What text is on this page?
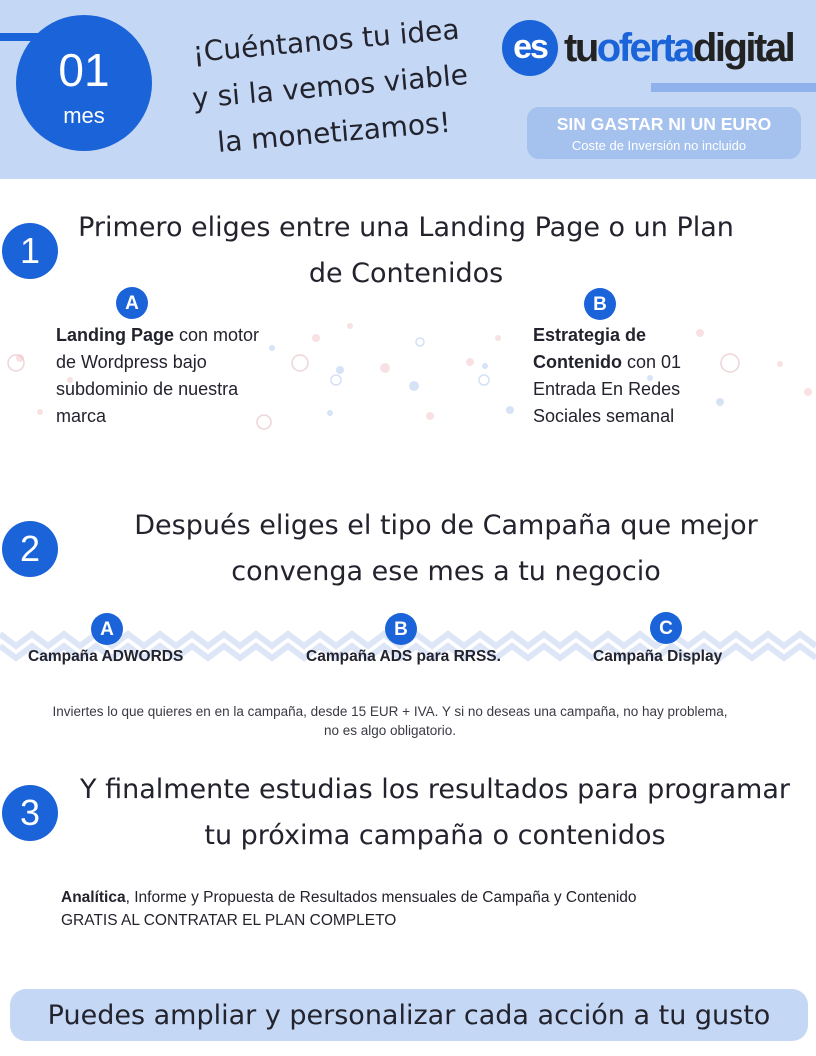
01
mes
¡Cuéntanos tu idea
y si la vemos viable
la monetizamos!
es tuofertadigital
SIN GASTAR NI UN EURO
Coste de Inversión no incluido
1
Primero eliges entre una Landing Page o un Plan de Contenidos
A
Landing Page con motor de Wordpress bajo subdominio de nuestra marca
B
Estrategia de Contenido con 01 Entrada En Redes Sociales semanal
2
Después eliges el tipo de Campaña que mejor convenga ese mes a tu negocio
A
Campaña ADWORDS
B
Campaña ADS para RRSS.
C
Campaña Display
Inviertes lo que quieres en en la campaña, desde 15 EUR + IVA. Y si no deseas una campaña, no hay problema, no es algo obligatorio.
3
Y finalmente estudias los resultados para programar tu próxima campaña o contenidos
Analítica, Informe y Propuesta de Resultados mensuales de Campaña y Contenido
GRATIS AL CONTRATAR EL PLAN COMPLETO
Puedes ampliar y personalizar cada acción a tu gusto
